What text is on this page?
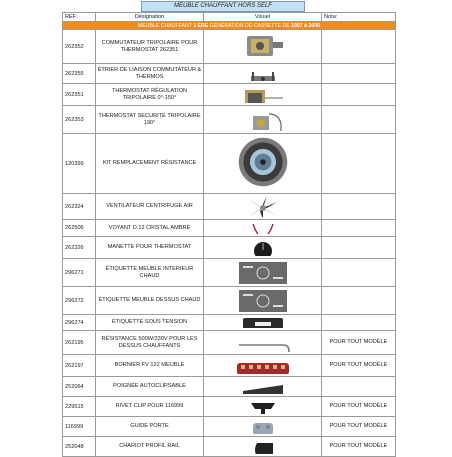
MEUBLE CHAUFFANT HORS SELF
REF:	Désignation	Visuel	Nota:
MEUBLE CHAUFFANT 1 ÈRE GÉNÉRATION DE CASSETTE DE 1997 à 2006			
262352	COMMUTATEUR TRIPOLAIRE POUR THERMOSTAT 262351		
262355	ÉTRIER DE LIAISON COMMUTATEUR & THERMOS		
262351	THERMOSTAT RÉGULATION TRIPOLAIRE 0°-150°		
262353	THERMOSTAT SECURITÉ TRIPOLAIRE 190°		
120399	KIT REMPLACEMENT RÉSISTANCE		
262324	VENTILATEUR CENTRIFUGE AIR		
262506	VOYANT D.12 CRISTAL AMBRÉ		
262326	MANETTE POUR THERMOSTAT		
296271	ÉTIQUETTE MEUBLE INTERIEUR CHAUD		
296272	ÉTIQUETTE MEUBLE DESSUS CHAUD		
296274	ÉTIQUETTE SOUS TENSION		
262195	RÉSISTANCE 500W/230V POUR LES DESSUS CHAUFFANTS		POUR TOUT MODÈLE
262197	BORNIER FV 122 MEUBLE		POUR TOUT MODÈLE
252064	POIGNÉE AUTOCLIPSABLE		
229515	RIVET CLIP POUR 116999		POUR TOUT MODÈLE
116999	GUIDE PORTE		POUR TOUT MODÈLE
252048	CHARIOT PROFIL RAIL		POUR TOUT MODÈLE
